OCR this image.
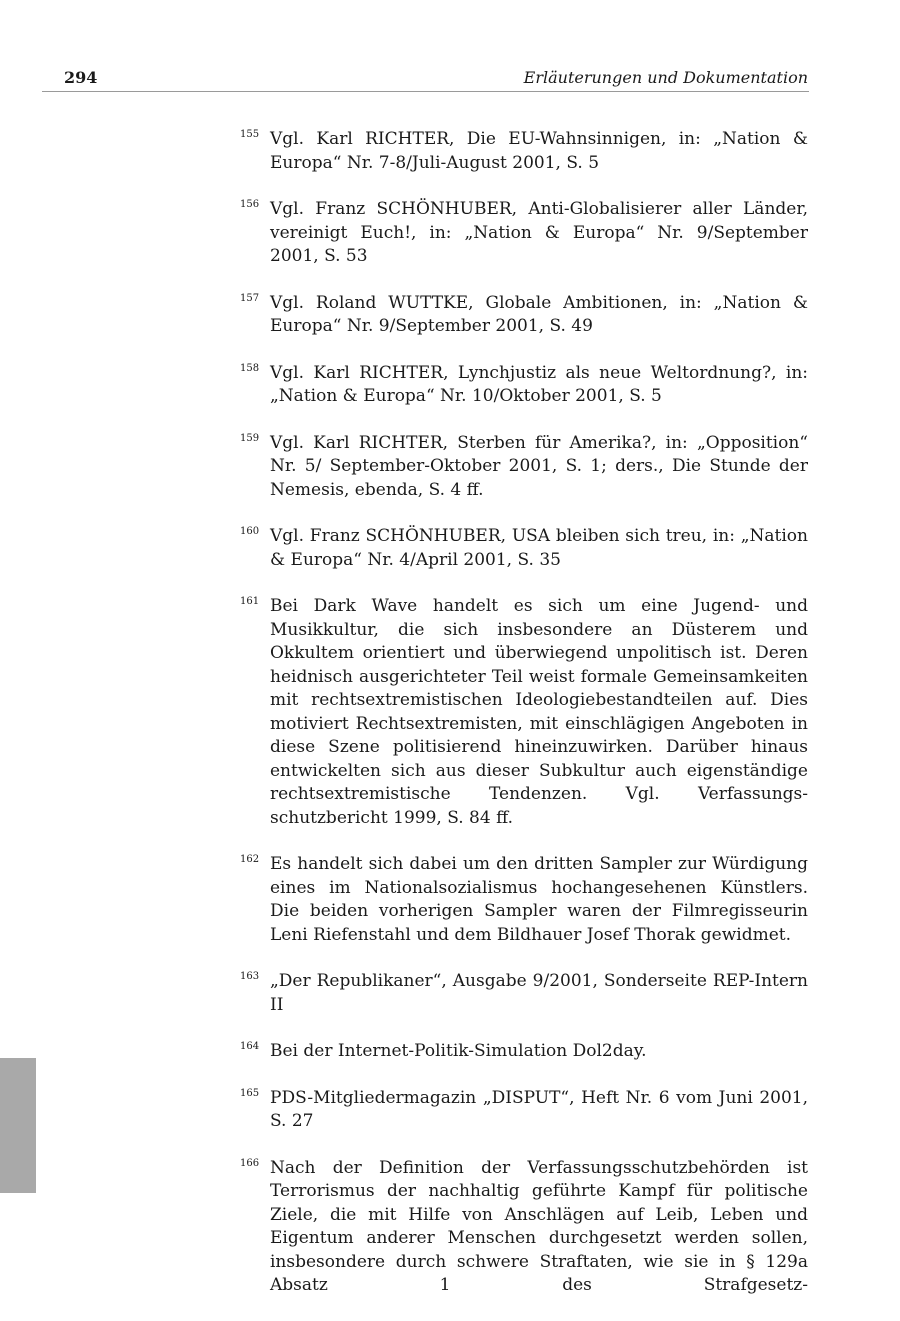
294	Erläuterungen und Dokumentation
155 Vgl. Karl RICHTER, Die EU-Wahnsinnigen, in: „Nation & Europa“ Nr. 7-8/Juli-August 2001, S. 5
156 Vgl. Franz SCHÖNHUBER, Anti-Globalisierer aller Länder, vereinigt Euch!, in: „Nation & Europa“ Nr. 9/September 2001, S. 53
157 Vgl. Roland WUTTKE, Globale Ambitionen, in: „Nation & Europa“ Nr. 9/September 2001, S. 49
158 Vgl. Karl RICHTER, Lynchjustiz als neue Weltordnung?, in: „Nation & Europa“ Nr. 10/Oktober 2001, S. 5
159 Vgl. Karl RICHTER, Sterben für Amerika?, in: „Opposition“ Nr. 5/ September-Oktober 2001, S. 1; ders., Die Stunde der Nemesis, ebenda, S. 4 ff.
160 Vgl. Franz SCHÖNHUBER, USA bleiben sich treu, in: „Nation & Europa“ Nr. 4/April 2001, S. 35
161 Bei Dark Wave handelt es sich um eine Jugend- und Musikkultur, die sich insbesondere an Düsterem und Okkultem orientiert und überwiegend unpolitisch ist. Deren heidnisch ausgerichteter Teil weist formale Gemeinsamkeiten mit rechtsextremistischen Ideologiebestandteilen auf. Dies motiviert Rechtsextremisten, mit einschlägigen Angeboten in diese Szene politisierend hineinzuwirken. Darüber hinaus entwickelten sich aus dieser Subkultur auch eigenständige rechtsextremistische Tendenzen. Vgl. Verfassungsschutzbericht 1999, S. 84 ff.
162 Es handelt sich dabei um den dritten Sampler zur Würdigung eines im Nationalsozialismus hochangesehenen Künstlers. Die beiden vorherigen Sampler waren der Filmregisseurin Leni Riefenstahl und dem Bildhauer Josef Thorak gewidmet.
163 „Der Republikaner“, Ausgabe 9/2001, Sonderseite REP-Intern II
164 Bei der Internet-Politik-Simulation Dol2day.
165 PDS-Mitgliedermagazin „DISPUT“, Heft Nr. 6 vom Juni 2001, S. 27
166 Nach der Definition der Verfassungsschutzbehörden ist Terrorismus der nachhaltig geführte Kampf für politische Ziele, die mit Hilfe von Anschlägen auf Leib, Leben und Eigentum anderer Menschen durchgesetzt werden sollen, insbesondere durch schwere Straftaten, wie sie in § 129a Absatz 1 des Strafgesetz-
